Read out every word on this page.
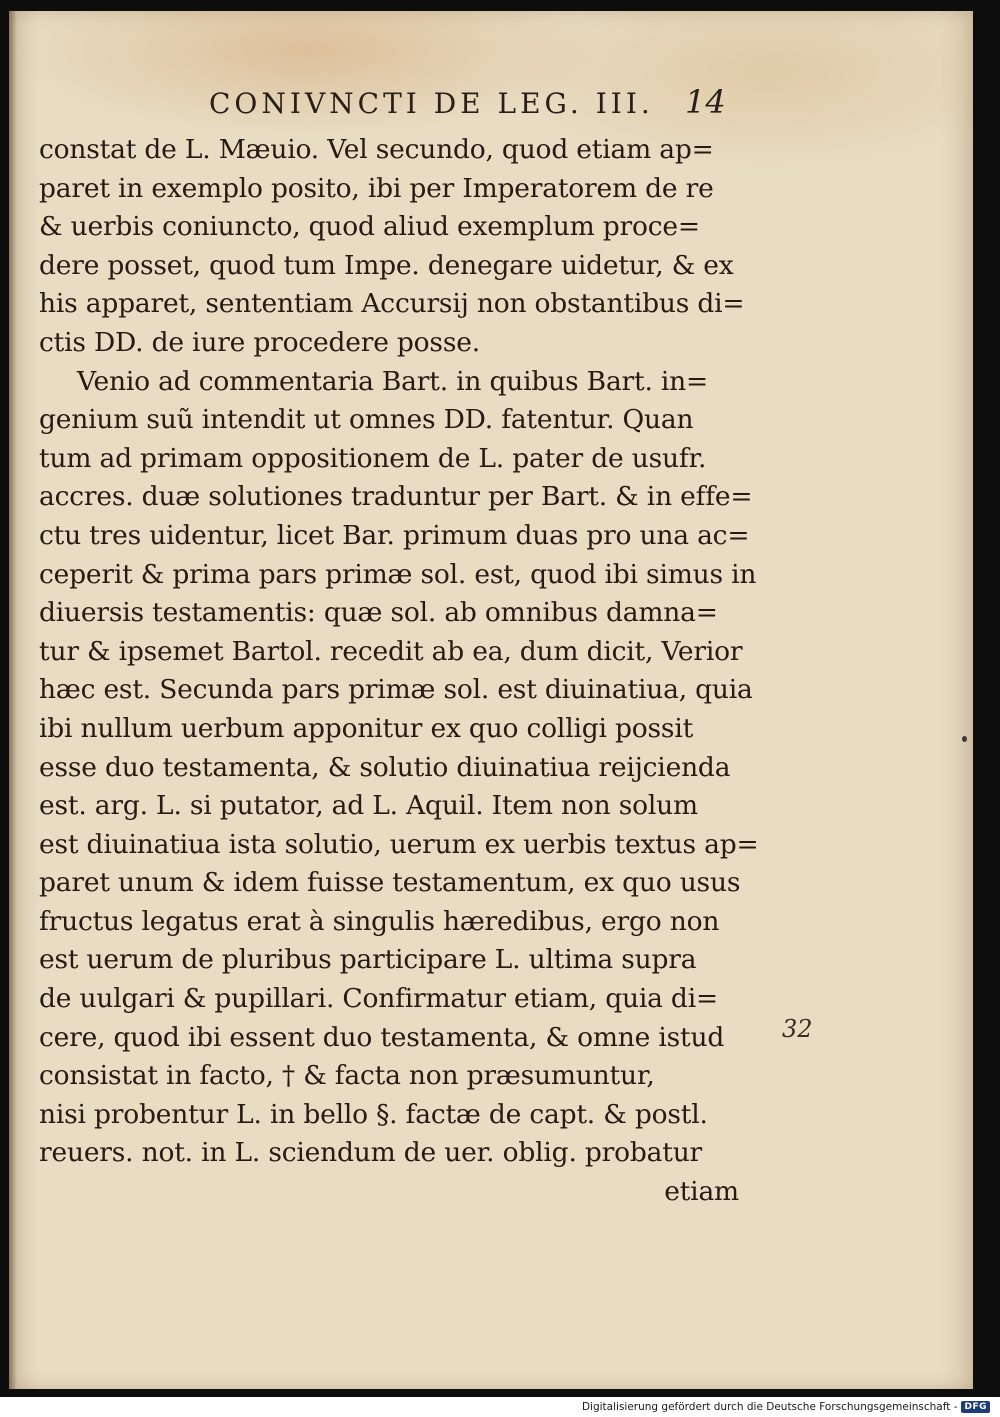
CONIVNCTI DE LEG. III. 14
constat de L. Mæuio. Vel secundo, quod etiam ap=
paret in exemplo posito, ibi per Imperatorem de re
& uerbis coniuncto, quod aliud exemplum proce=
dere posset, quod tum Impe. denegare uidetur, & ex
his apparet, sententiam Accursij non obstantibus di=
ctis DD. de iure procedere posse.
Venio ad commentaria Bart. in quibus Bart. in=
genium suũ intendit ut omnes DD. fatentur. Quan
tum ad primam oppositionem de L. pater de usufr.
accres. duæ solutiones traduntur per Bart. & in effe=
ctu tres uidentur, licet Bar. primum duas pro una ac=
ceperit & prima pars primæ sol. est, quod ibi simus in
diuersis testamentis: quæ sol. ab omnibus damna=
tur & ipsemet Bartol. recedit ab ea, dum dicit, Verior
hæc est. Secunda pars primæ sol. est diuinatiua, quia
ibi nullum uerbum apponitur ex quo colligi possit
esse duo testamenta, & solutio diuinatiua reijcienda
est. arg. L. si putator, ad L. Aquil. Item non solum
est diuinatiua ista solutio, uerum ex uerbis textus ap=
paret unum & idem fuisse testamentum, ex quo usus
fructus legatus erat à singulis hæredibus, ergo non
est uerum de pluribus participare L. ultima supra
de uulgari & pupillari. Confirmatur etiam, quia di=
cere, quod ibi essent duo testamenta, & omne istud
consistat in facto, † & facta non præsumuntur,
nisi probentur L. in bello §. factæ de capt. & postl.
reuers. not. in L. sciendum de uer. oblig. probatur
etiam
32
Digitalisierung gefördert durch die Deutsche Forschungsgemeinschaft - DFG
